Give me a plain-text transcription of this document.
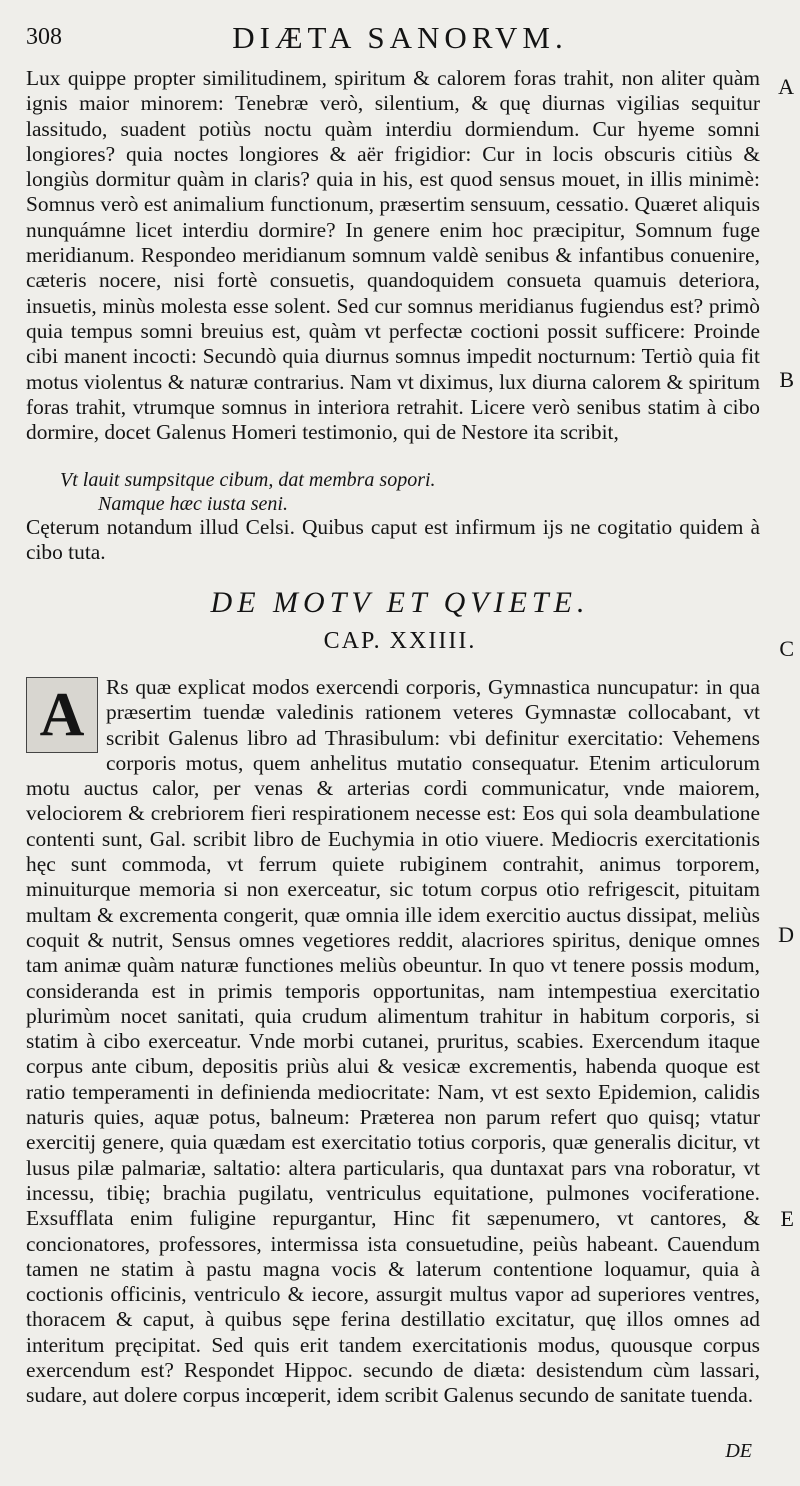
308	DIÆTA SANORVM.

Lux quippe propter similitudinem, spiritum & calorem foras trahit, non aliter quàm ignis maior minorem: Tenebræ verò, silentium, & quę diurnas vigilias sequitur lassitudo, suadent potiùs noctu quàm interdiu dormiendum. Cur hyeme somni longiores? quia noctes longiores & aër frigidior: Cur in locis obscuris citiùs & longiùs dormitur quàm in claris? quia in his, est quod sensus mouet, in illis minimè: Somnus verò est animalium functionum, præsertim sensuum, cessatio. Quæret aliquis nunquámne licet interdiu dormire? In genere enim hoc præcipitur, Somnum fuge meridianum. Respondeo meridianum somnum valdè senibus & infantibus conuenire, cæteris nocere, nisi fortè consuetis, quandoquidem consueta quamuis deteriora, insuetis, minùs molesta esse solent. Sed cur somnus meridianus fugiendus est? primò quia tempus somni breuius est, quàm vt perfectæ coctioni possit sufficere: Proinde cibi manent incocti: Secundò quia diurnus somnus impedit nocturnum: Tertiò quia fit motus violentus & naturæ contrarius. Nam vt diximus, lux diurna calorem & spiritum foras trahit, vtrumque somnus in interiora retrahit. Licere verò senibus statim à cibo dormire, docet Galenus Homeri testimonio, qui de Nestore ita scribit,

Vt lauit sumpsitque cibum, dat membra sopori.
Namque hæc iusta seni.

Cęterum notandum illud Celsi. Quibus caput est infirmum ijs ne cogitatio quidem à cibo tuta.

DE MOTV ET QVIETE.
CAP. XXIIII.
A	Rs quæ explicat modos exercendi corporis, Gymnastica nuncupatur: in qua præsertim tuendæ valedinis rationem veteres Gymnastæ collocabant, vt scribit Galenus libro ad Thrasibulum: vbi definitur exercitatio: Vehemens corporis motus, quem anhelitus mutatio consequatur. Etenim articulorum motu auctus calor, per venas & arterias cordi communicatur, vnde maiorem, velociorem & crebriorem fieri respirationem necesse est: Eos qui sola deambulatione contenti sunt, Gal. scribit libro de Euchymia in otio viuere. Mediocris exercitationis hęc sunt commoda, vt ferrum quiete rubiginem contrahit, animus torporem, minuiturque memoria si non exerceatur, sic totum corpus otio refrigescit, pituitam multam & excrementa congerit, quæ omnia ille idem exercitio auctus dissipat, meliùs coquit & nutrit, Sensus omnes vegetiores reddit, alacriores spiritus, denique omnes tam animæ quàm naturæ functiones meliùs obeuntur. In quo vt tenere possis modum, consideranda est in primis temporis opportunitas, nam intempestiua exercitatio plurimùm nocet sanitati, quia crudum alimentum trahitur in habitum corporis, si statim à cibo exerceatur. Vnde morbi cutanei, pruritus, scabies. Exercendum itaque corpus ante cibum, depositis priùs alui & vesicæ excrementis, habenda quoque est ratio temperamenti in definienda mediocritate: Nam, vt est sexto Epidemion, calidis naturis quies, aquæ potus, balneum: Præterea non parum refert quo quisq; vtatur exercitij genere, quia quædam est exercitatio totius corporis, quæ generalis dicitur, vt lusus pilæ palmariæ, saltatio: altera particularis, qua duntaxat pars vna roboratur, vt incessu, tibię; brachia pugilatu, ventriculus equitatione, pulmones vociferatione. Exsufflata enim fuligine repurgantur, Hinc fit sæpenumero, vt cantores, & concionatores, professores, intermissa ista consuetudine, peiùs habeant. Cauendum tamen ne statim à pastu magna vocis & laterum contentione loquamur, quia à coctionis officinis, ventriculo & iecore, assurgit multus vapor ad superiores ventres, thoracem & caput, à quibus sępe ferina destillatio excitatur, quę illos omnes ad interitum pręcipitat. Sed quis erit tandem exercitationis modus, quousque corpus exercendum est? Respondet Hippoc. secundo de diæta: desistendum cùm lassari, sudare, aut dolere corpus incœperit, idem scribit Galenus secundo de sanitate tuenda.

A
B
C
D
E
DE
